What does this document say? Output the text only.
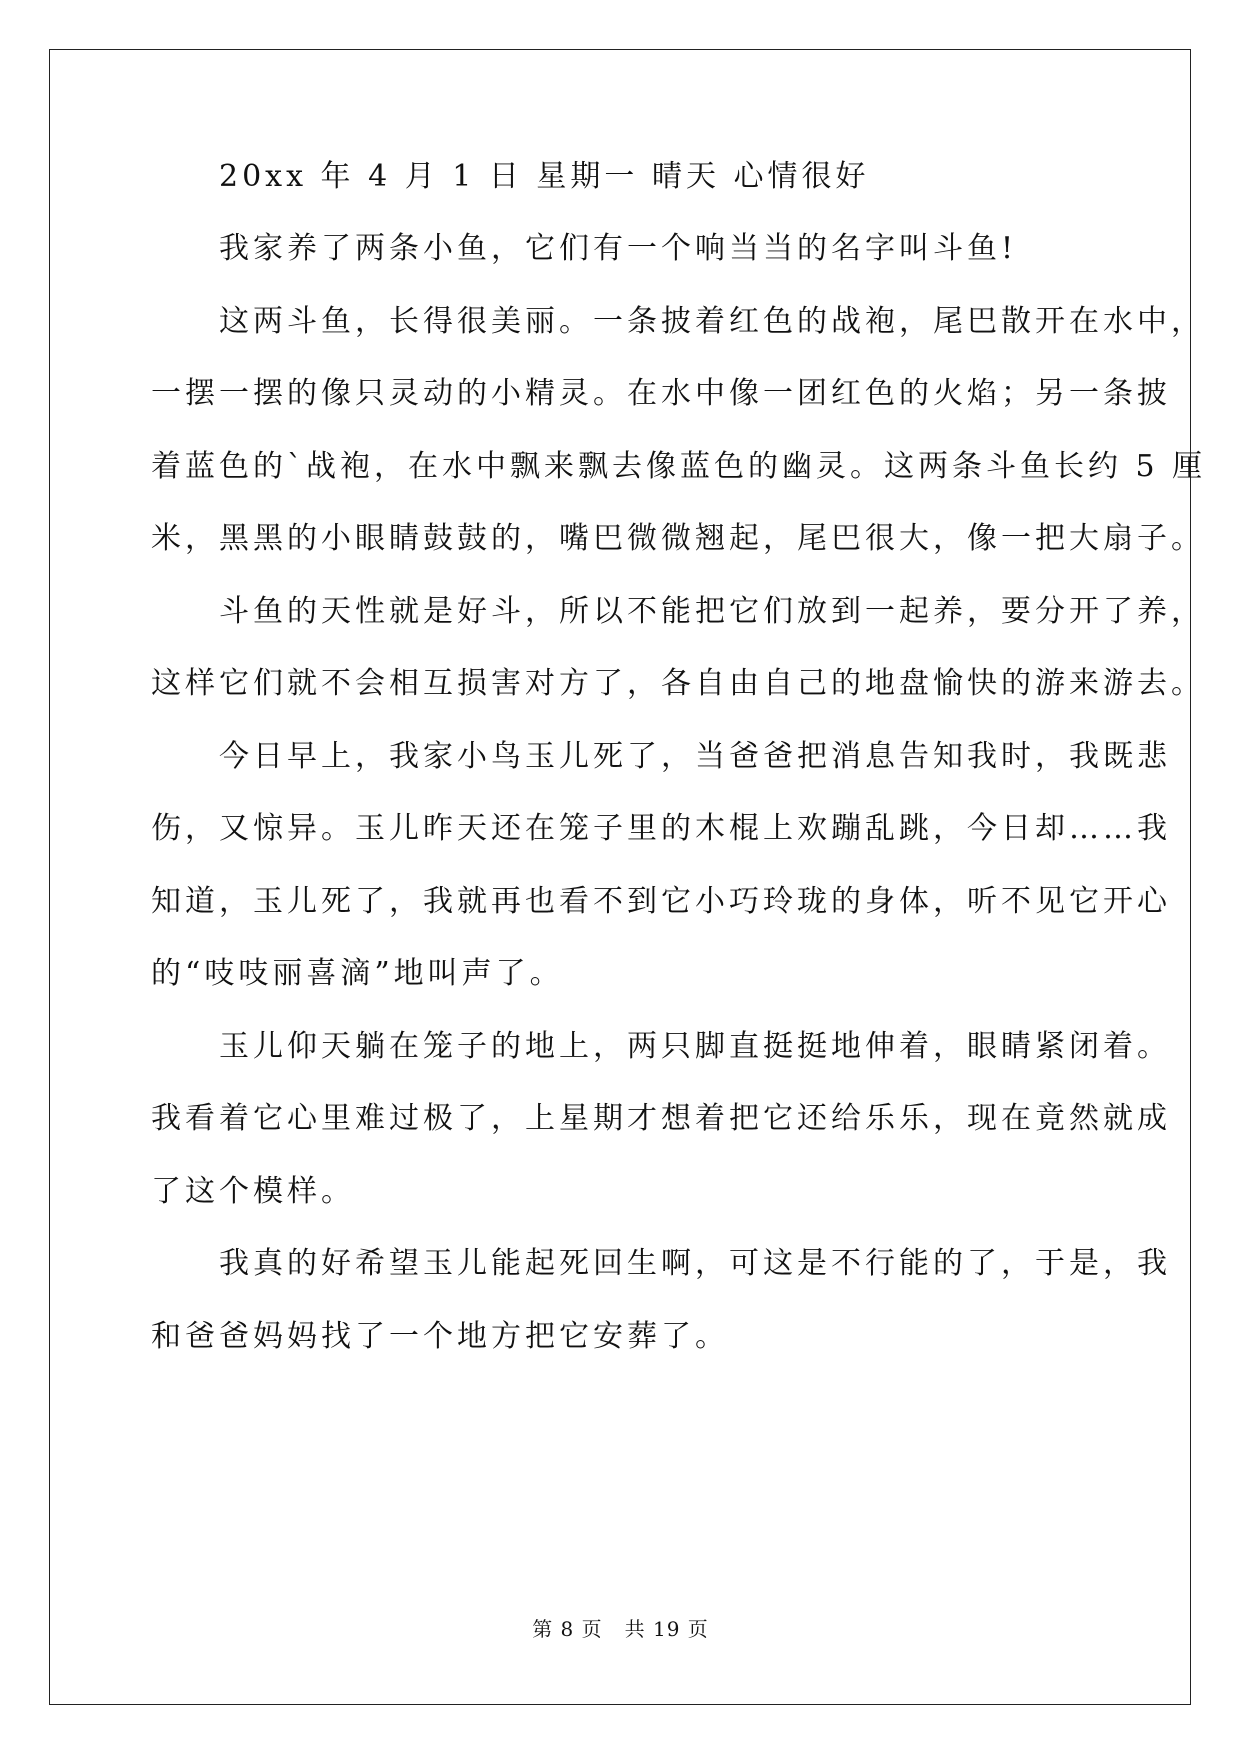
　　20xx 年 4 月 1 日 星期一 晴天 心情很好

　　我家养了两条小鱼，它们有一个响当当的名字叫斗鱼!

　　这两斗鱼，长得很美丽。一条披着红色的战袍，尾巴散开在水中，

一摆一摆的像只灵动的小精灵。在水中像一团红色的火焰；另一条披

着蓝色的`战袍，在水中飘来飘去像蓝色的幽灵。这两条斗鱼长约 5 厘

米，黑黑的小眼睛鼓鼓的，嘴巴微微翘起，尾巴很大，像一把大扇子。

　　斗鱼的天性就是好斗，所以不能把它们放到一起养，要分开了养，

这样它们就不会相互损害对方了，各自由自己的地盘愉快的游来游去。

　　今日早上，我家小鸟玉儿死了，当爸爸把消息告知我时，我既悲

伤，又惊异。玉儿昨天还在笼子里的木棍上欢蹦乱跳，今日却……我

知道，玉儿死了，我就再也看不到它小巧玲珑的身体，听不见它开心

的“吱吱丽喜滴”地叫声了。

　　玉儿仰天躺在笼子的地上，两只脚直挺挺地伸着，眼睛紧闭着。

我看着它心里难过极了，上星期才想着把它还给乐乐，现在竟然就成

了这个模样。

　　我真的好希望玉儿能起死回生啊，可这是不行能的了，于是，我

和爸爸妈妈找了一个地方把它安葬了。

第 8 页 共 19 页
